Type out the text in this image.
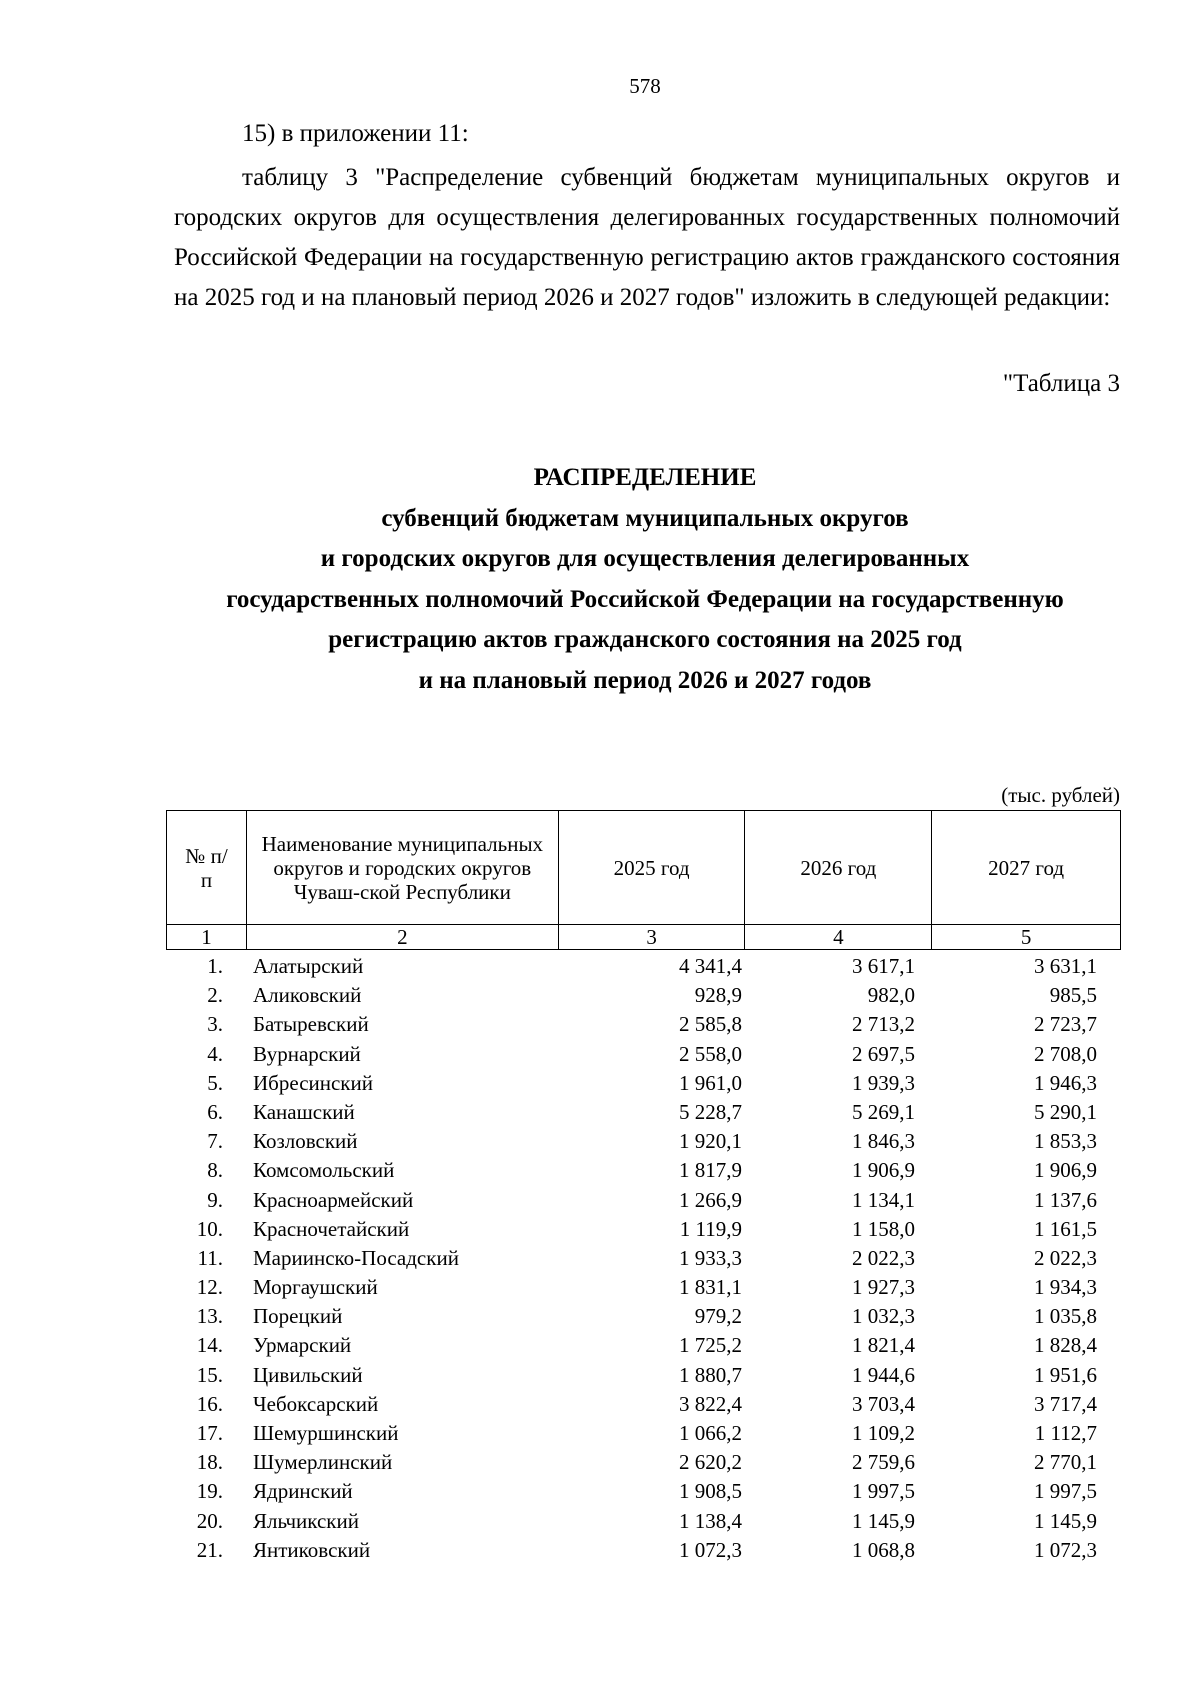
578

15) в приложении 11:

таблицу 3 "Распределение субвенций бюджетам муниципальных округов и городских округов для осуществления делегированных государственных полномочий Российской Федерации на государственную регистрацию актов гражданского состояния на 2025 год и на плановый период 2026 и 2027 годов" изложить в следующей редакции:

"Таблица 3
РАСПРЕДЕЛЕНИЕ
субвенций бюджетам муниципальных округов
и городских округов для осуществления делегированных
государственных полномочий Российской Федерации на государственную
регистрацию актов гражданского состояния на 2025 год
и на плановый период 2026 и 2027 годов
(тыс. рублей)
№ п/п	Наименование муниципальных округов и городских округов Чуваш-ской Республики	2025 год	2026 год	2027 год
1	2	3	4	5
1. Алатырский	4 341,4	3 617,1	3 631,1
2. Аликовский	928,9	982,0	985,5
3. Батыревский	2 585,8	2 713,2	2 723,7
4. Вурнарский	2 558,0	2 697,5	2 708,0
5. Ибресинский	1 961,0	1 939,3	1 946,3
6. Канашский	5 228,7	5 269,1	5 290,1
7. Козловский	1 920,1	1 846,3	1 853,3
8. Комсомольский	1 817,9	1 906,9	1 906,9
9. Красноармейский	1 266,9	1 134,1	1 137,6
10. Красночетайский	1 119,9	1 158,0	1 161,5
11. Мариинско-Посадский	1 933,3	2 022,3	2 022,3
12. Моргаушский	1 831,1	1 927,3	1 934,3
13. Порецкий	979,2	1 032,3	1 035,8
14. Урмарский	1 725,2	1 821,4	1 828,4
15. Цивильский	1 880,7	1 944,6	1 951,6
16. Чебоксарский	3 822,4	3 703,4	3 717,4
17. Шемуршинский	1 066,2	1 109,2	1 112,7
18. Шумерлинский	2 620,2	2 759,6	2 770,1
19. Ядринский	1 908,5	1 997,5	1 997,5
20. Яльчикский	1 138,4	1 145,9	1 145,9
21. Янтиковский	1 072,3	1 068,8	1 072,3
